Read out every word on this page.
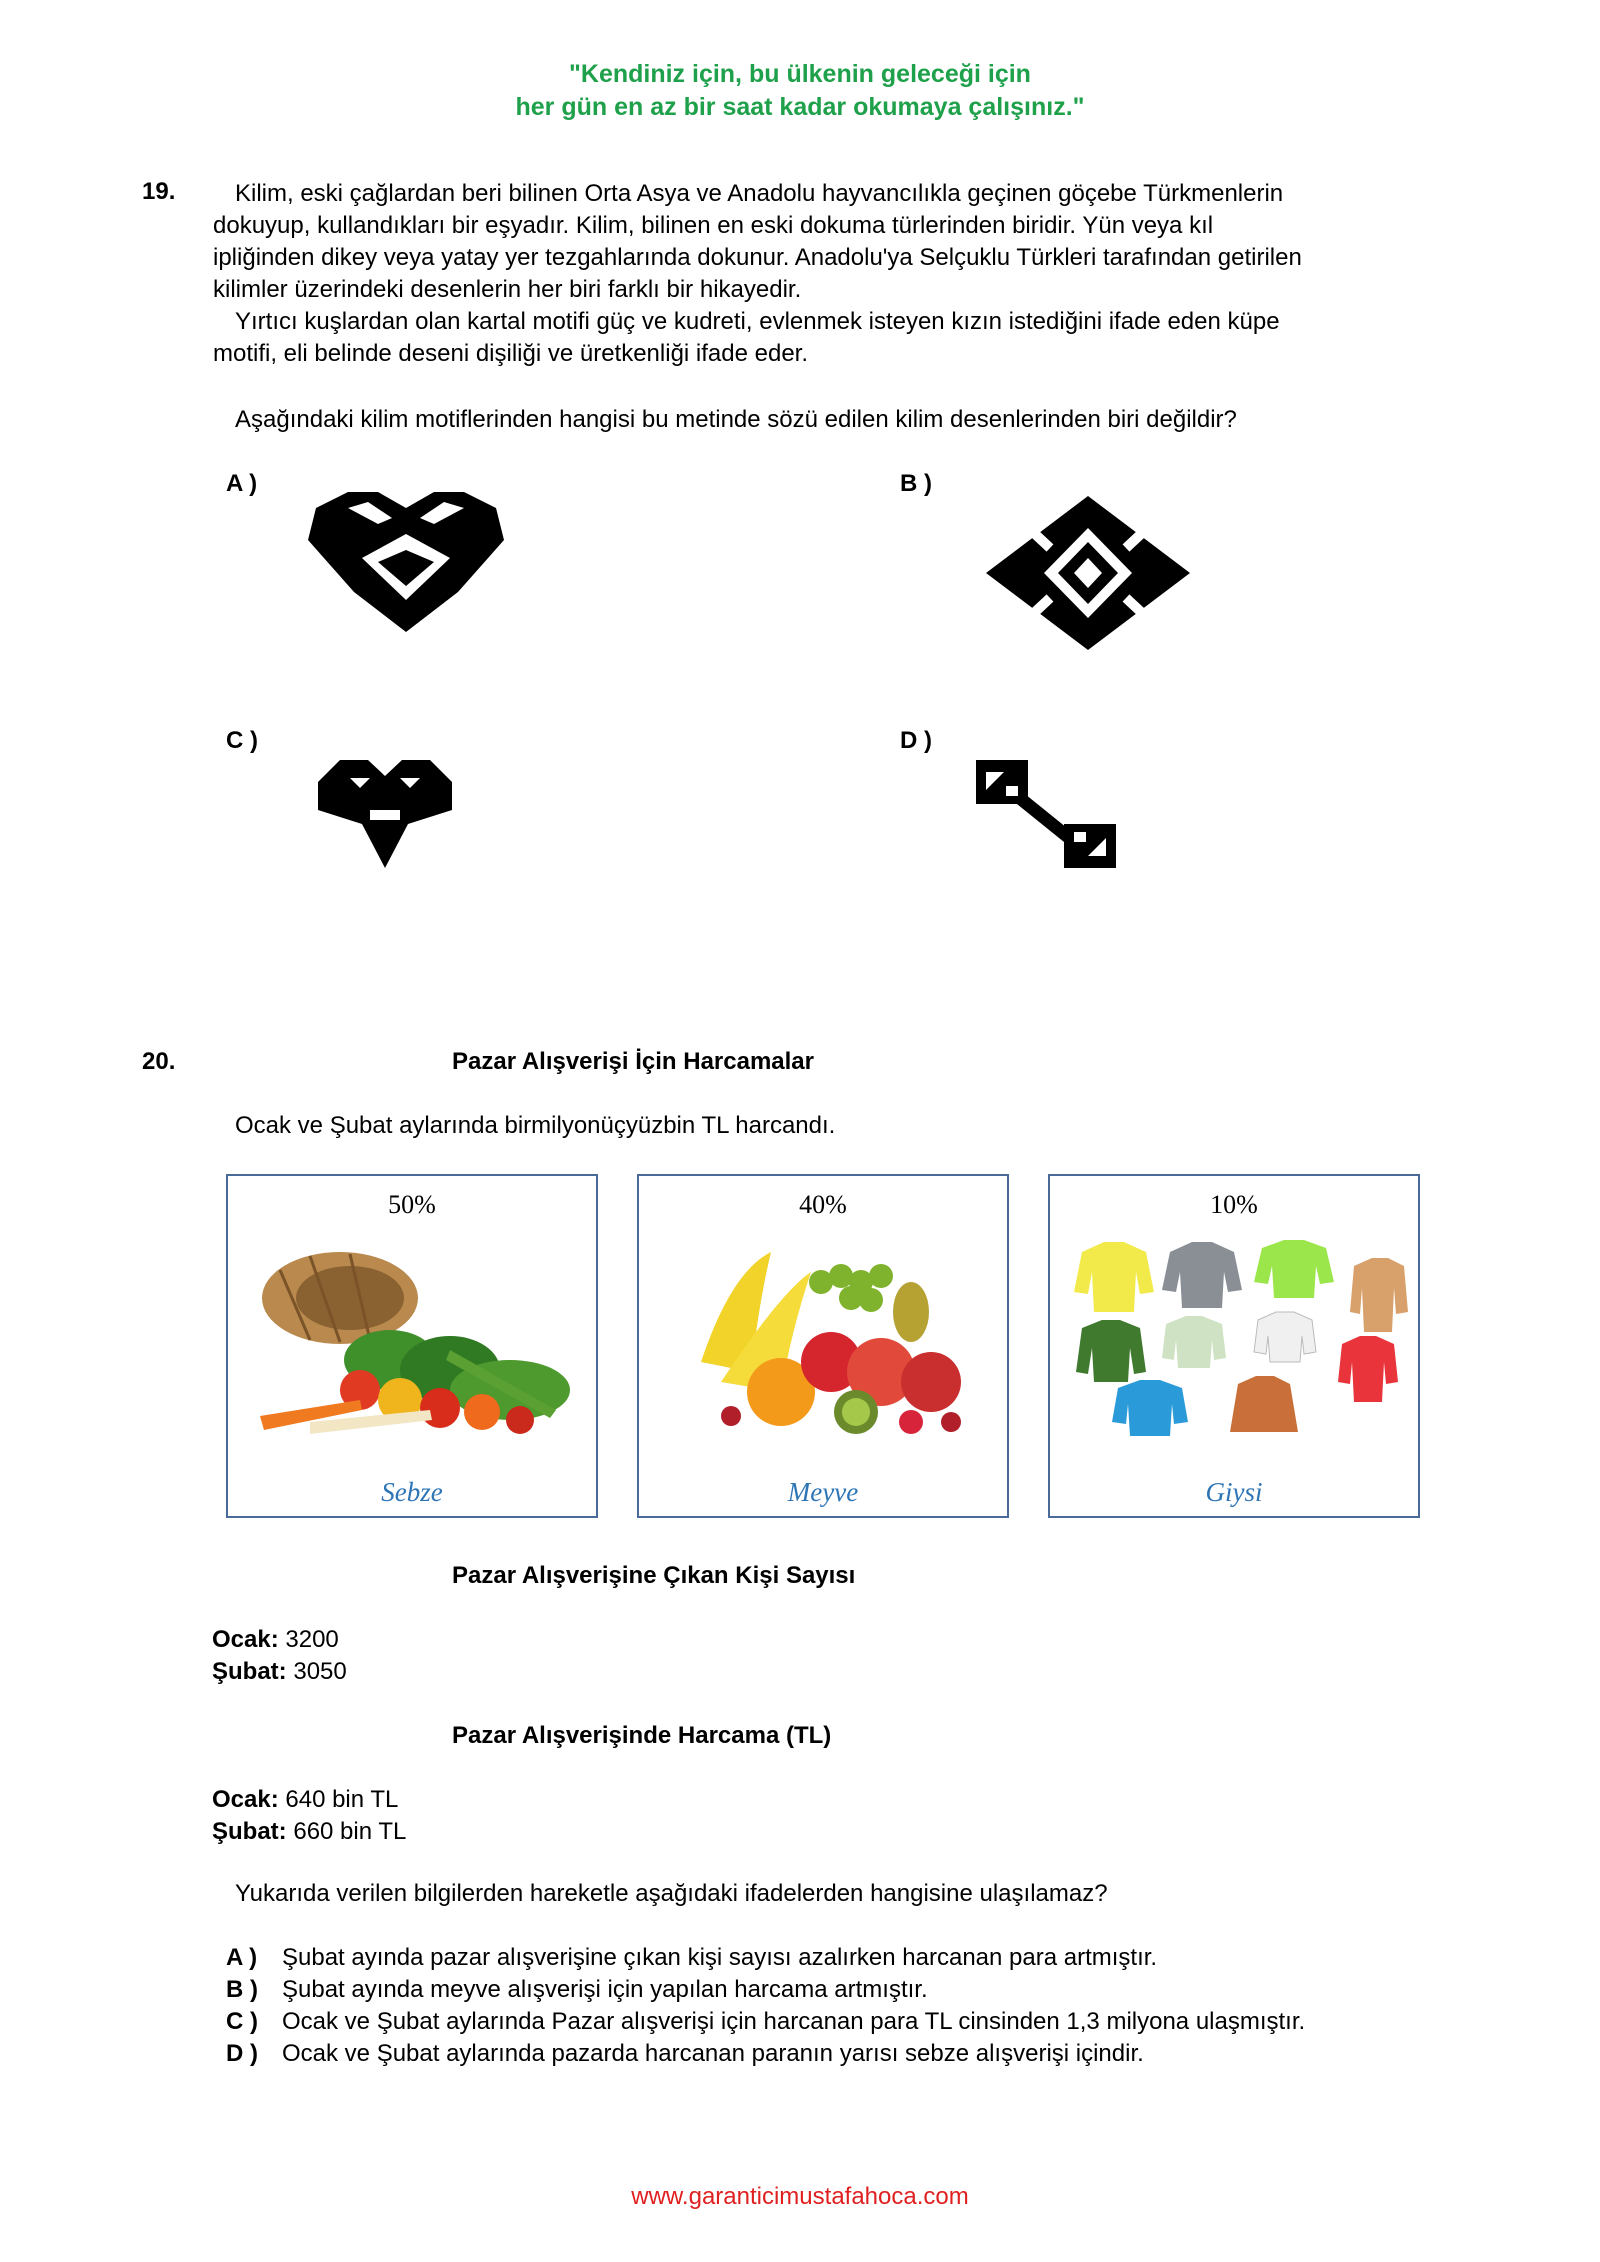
"Kendiniz için, bu ülkenin geleceği için
her gün en az bir saat kadar okumaya çalışınız."
19.	Kilim, eski çağlardan beri bilinen Orta Asya ve Anadolu hayvancılıkla geçinen göçebe Türkmenlerin
dokuyup, kullandıkları bir eşyadır. Kilim, bilinen en eski dokuma türlerinden biridir. Yün veya kıl
ipliğinden dikey veya yatay yer tezgahlarında dokunur. Anadolu'ya Selçuklu Türkleri tarafından getirilen
kilimler üzerindeki desenlerin her biri farklı bir hikayedir.
Yırtıcı kuşlardan olan kartal motifi güç ve kudreti, evlenmek isteyen kızın istediğini ifade eden küpe
motifi, eli belinde deseni dişiliği ve üretkenliği ifade eder.
Aşağındaki kilim motiflerinden hangisi bu metinde sözü edilen kilim desenlerinden biri değildir?
A )	B )
C )	D )
20.	Pazar Alışverişi İçin Harcamalar
Ocak ve Şubat aylarında birmilyonüçyüzbin TL harcandı.
50%
Sebze
40%
Meyve
10%
Giysi
Pazar Alışverişine Çıkan Kişi Sayısı
Ocak: 3200
Şubat: 3050
Pazar Alışverişinde Harcama (TL)
Ocak: 640 bin TL
Şubat: 660 bin TL
Yukarıda verilen bilgilerden hareketle aşağıdaki ifadelerden hangisine ulaşılamaz?
A ) Şubat ayında pazar alışverişine çıkan kişi sayısı azalırken harcanan para artmıştır.
B ) Şubat ayında meyve alışverişi için yapılan harcama artmıştır.
C ) Ocak ve Şubat aylarında Pazar alışverişi için harcanan para TL cinsinden 1,3 milyona ulaşmıştır.
D ) Ocak ve Şubat aylarında pazarda harcanan paranın yarısı sebze alışverişi içindir.
www.garanticimustafahoca.com
